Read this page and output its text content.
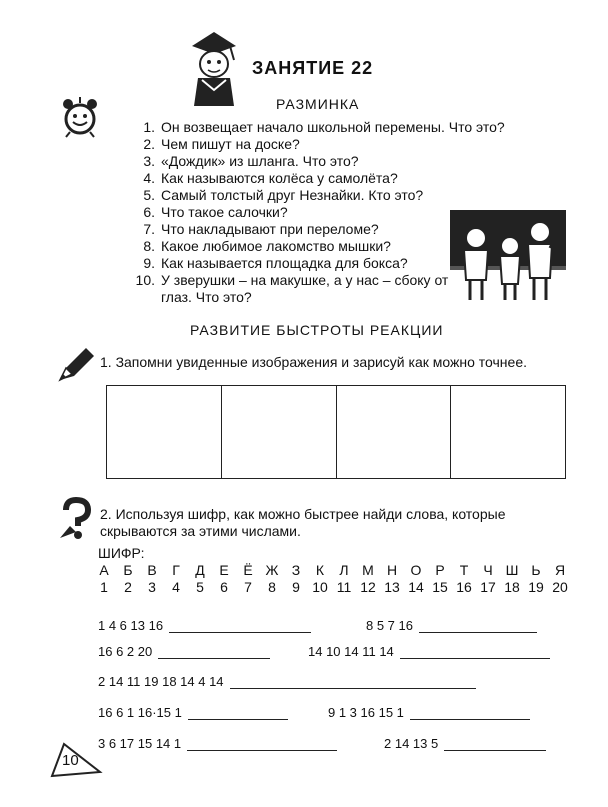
ЗАНЯТИЕ 22
РАЗМИНКА
1. Он возвещает начало школьной перемены. Что это?
2. Чем пишут на доске?
3. «Дождик» из шланга. Что это?
4. Как называются колёса у самолёта?
5. Самый толстый друг Незнайки. Кто это?
6. Что такое салочки?
7. Что накладывают при переломе?
8. Какое любимое лакомство мышки?
9. Как называется площадка для бокса?
10. У зверушки – на макушке, а у нас – сбоку от глаз. Что это?
РАЗВИТИЕ БЫСТРОТЫ РЕАКЦИИ
1. Запомни увиденные изображения и зарисуй как можно точнее.
2. Используя шифр, как можно быстрее найди слова, которые скрываются за этими числами.
ШИФР:
А	Б	В	Г	Д	Е	Ё	Ж	З	К	Л	М	Н	О	Р	Т	Ч	Ш	Ь	Я
1	2	3	4	5	6	7	8	9	10	11	12	13	14	15	16	17	18	19	20
1 4 6 13 16	8 5 7 16
16 6 2 20	14 10 14 11 14
2 14 11 19 18 14 4 14
16 6 1 16·15 1	9 1 3 16 15 1
3 6 17 15 14 1	2 14 13 5
10
